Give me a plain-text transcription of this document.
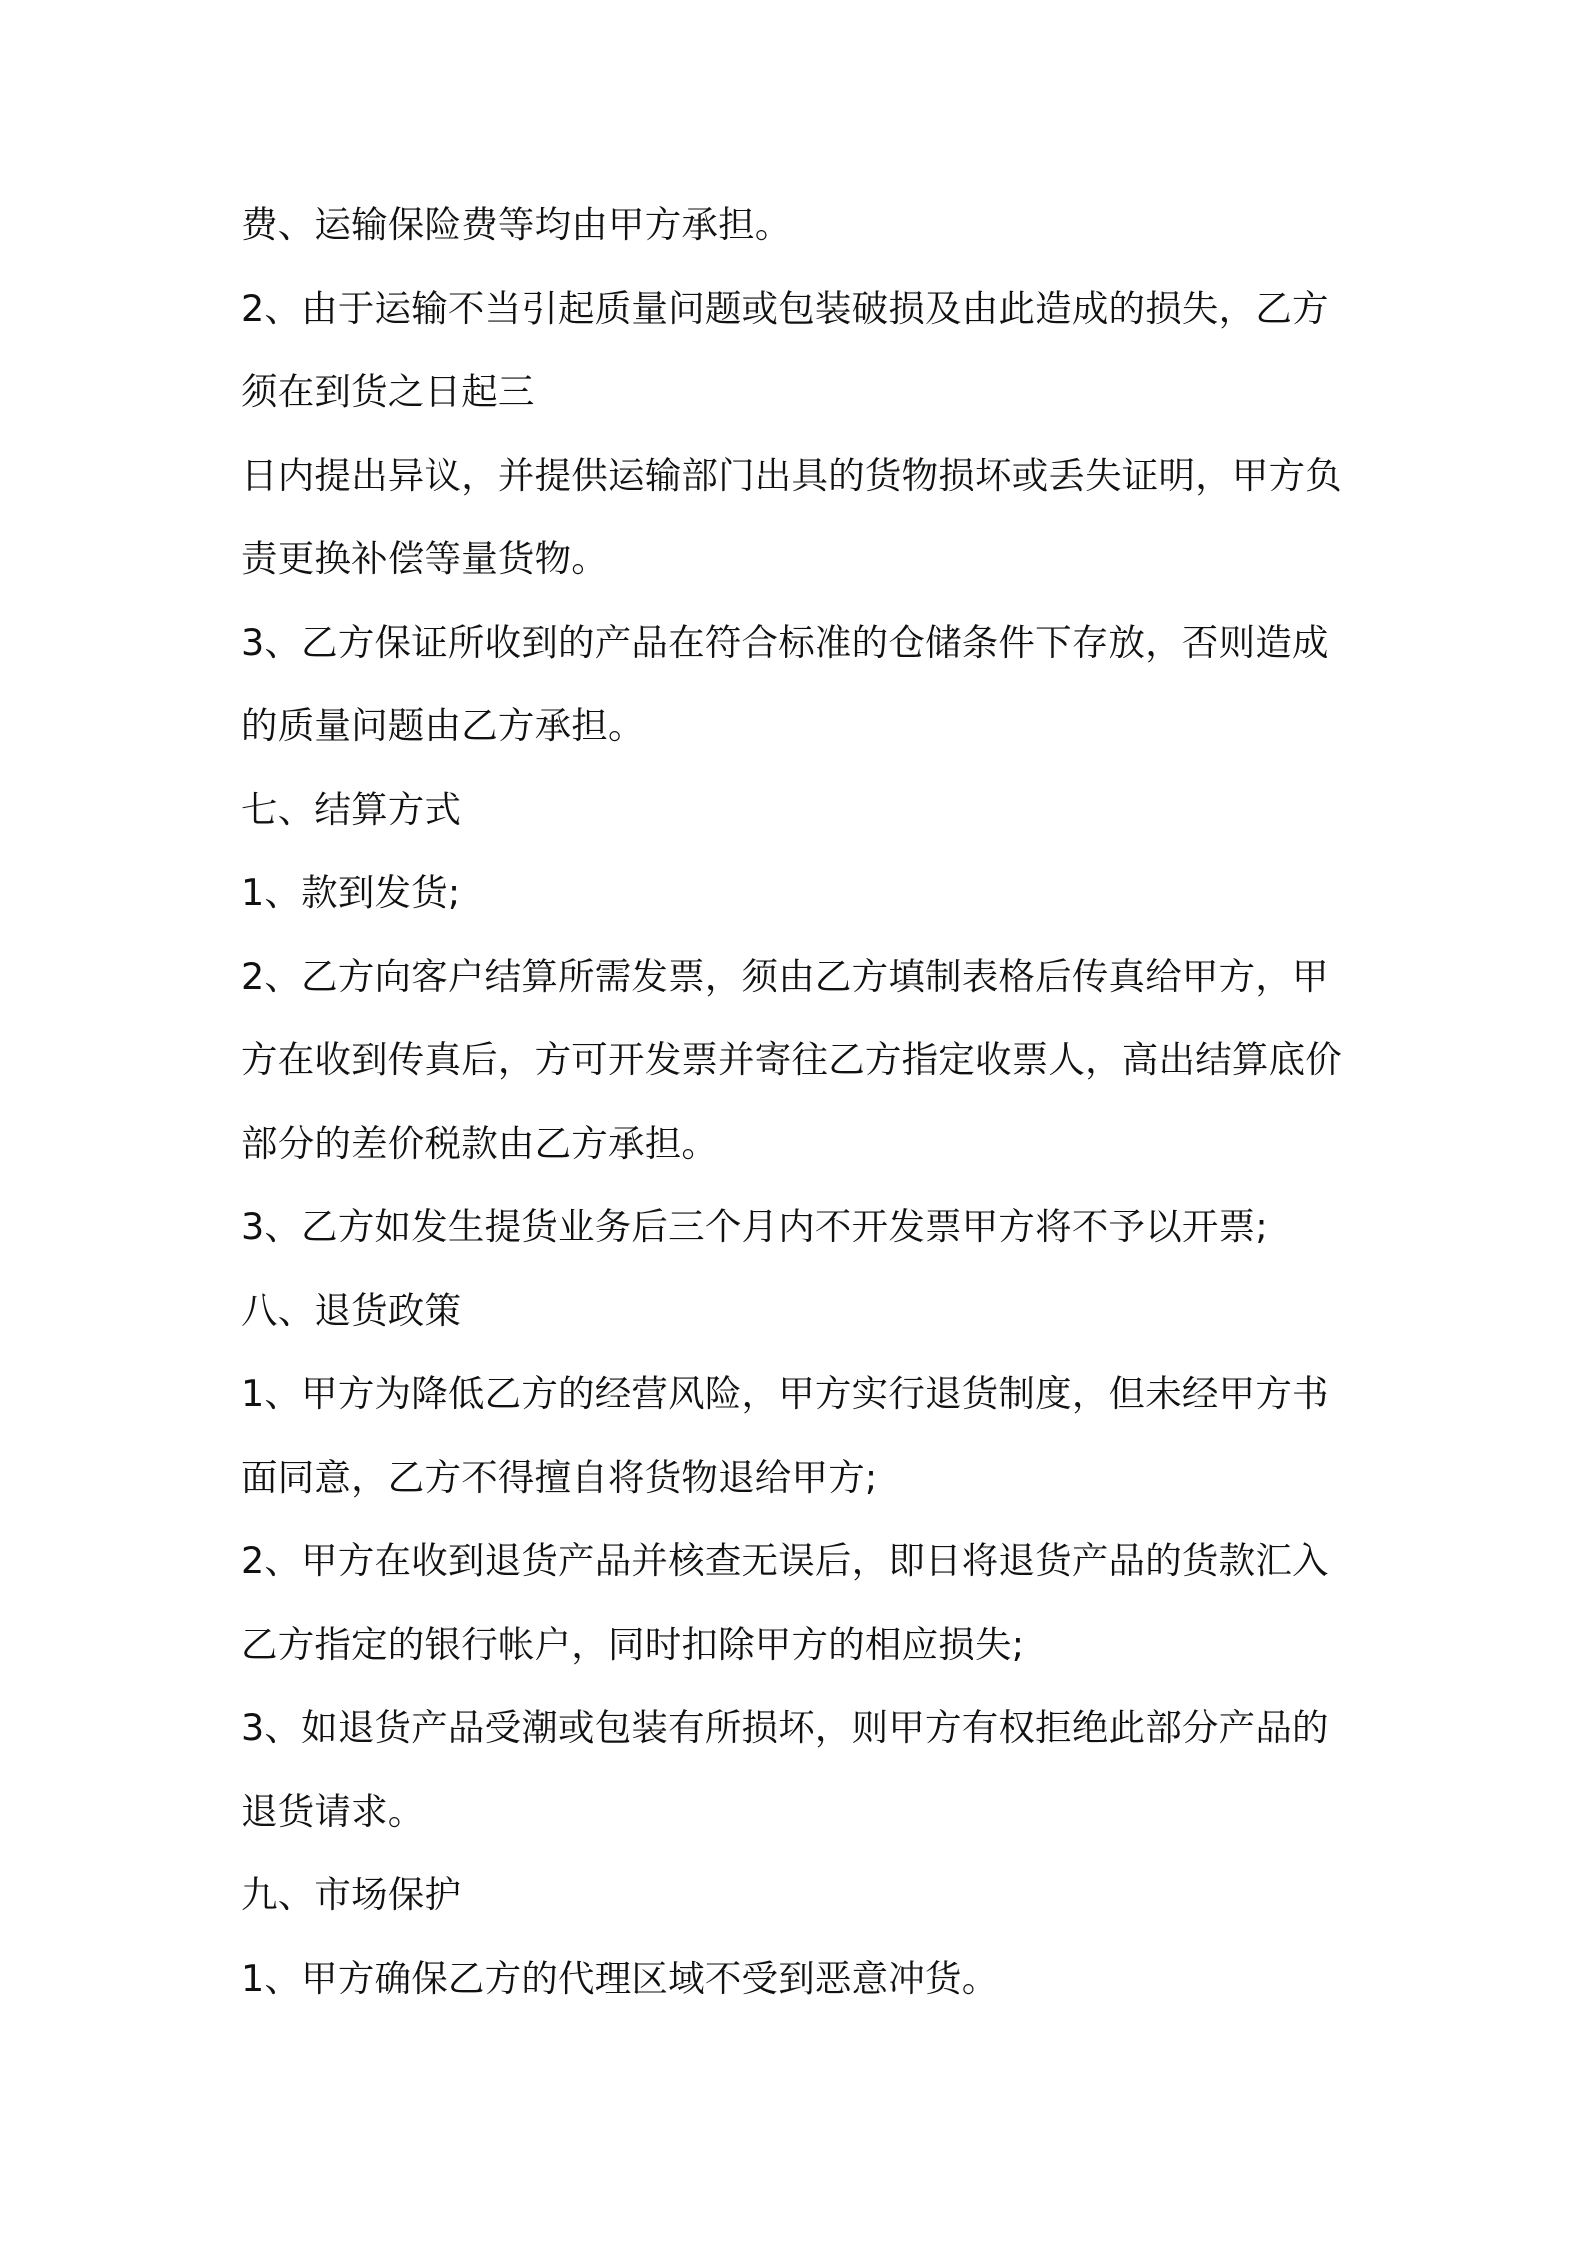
费、运输保险费等均由甲方承担。
2、由于运输不当引起质量问题或包装破损及由此造成的损失，乙方
须在到货之日起三
日内提出异议，并提供运输部门出具的货物损坏或丢失证明，甲方负
责更换补偿等量货物。
3、乙方保证所收到的产品在符合标准的仓储条件下存放，否则造成
的质量问题由乙方承担。
七、结算方式
1、款到发货;
2、乙方向客户结算所需发票，须由乙方填制表格后传真给甲方，甲
方在收到传真后，方可开发票并寄往乙方指定收票人，高出结算底价
部分的差价税款由乙方承担。
3、乙方如发生提货业务后三个月内不开发票甲方将不予以开票;
八、退货政策
1、甲方为降低乙方的经营风险，甲方实行退货制度，但未经甲方书
面同意，乙方不得擅自将货物退给甲方;
2、甲方在收到退货产品并核查无误后，即日将退货产品的货款汇入
乙方指定的银行帐户，同时扣除甲方的相应损失;
3、如退货产品受潮或包装有所损坏，则甲方有权拒绝此部分产品的
退货请求。
九、市场保护
1、甲方确保乙方的代理区域不受到恶意冲货。
